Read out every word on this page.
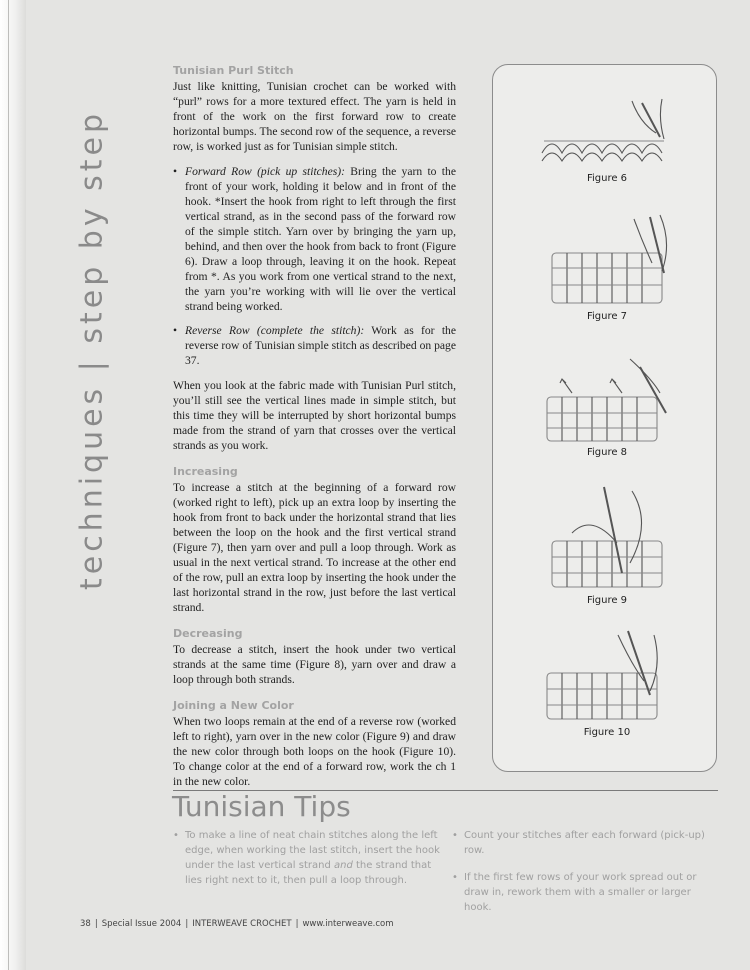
techniques | step by step
Tunisian Purl Stitch

Just like knitting, Tunisian crochet can be worked with “purl” rows for a more textured effect. The yarn is held in front of the work on the first forward row to create horizontal bumps. The second row of the sequence, a reverse row, is worked just as for Tunisian simple stitch.

• Forward Row (pick up stitches): Bring the yarn to the front of your work, holding it below and in front of the hook. *Insert the hook from right to left through the first vertical strand, as in the second pass of the forward row of the simple stitch. Yarn over by bringing the yarn up, behind, and then over the hook from back to front (Figure 6). Draw a loop through, leaving it on the hook. Repeat from *. As you work from one vertical strand to the next, the yarn you’re working with will lie over the vertical strand being worked.
• Reverse Row (complete the stitch): Work as for the reverse row of Tunisian simple stitch as described on page 37.

When you look at the fabric made with Tunisian Purl stitch, you’ll still see the vertical lines made in simple stitch, but this time they will be interrupted by short horizontal bumps made from the strand of yarn that crosses over the vertical strands as you work.

Increasing

To increase a stitch at the beginning of a forward row (worked right to left), pick up an extra loop by inserting the hook from front to back under the horizontal strand that lies between the loop on the hook and the first vertical strand (Figure 7), then yarn over and pull a loop through. Work as usual in the next vertical strand. To increase at the other end of the row, pull an extra loop by inserting the hook under the last horizontal strand in the row, just before the last vertical strand.

Decreasing

To decrease a stitch, insert the hook under two vertical strands at the same time (Figure 8), yarn over and draw a loop through both strands.

Joining a New Color

When two loops remain at the end of a reverse row (worked left to right), yarn over in the new color (Figure 9) and draw the new color through both loops on the hook (Figure 10). To change color at the end of a forward row, work the ch 1 in the new color.

Figure 6
Figure 7
Figure 8
Figure 9
Figure 10
Tunisian Tips
• To make a line of neat chain stitches along the left edge, when working the last stitch, insert the hook under the last vertical strand and the strand that lies right next to it, then pull a loop through.
• Count your stitches after each forward (pick-up) row.
• If the first few rows of your work spread out or draw in, rework them with a smaller or larger hook.
38 | Special Issue 2004 | INTERWEAVE CROCHET | www.interweave.com
